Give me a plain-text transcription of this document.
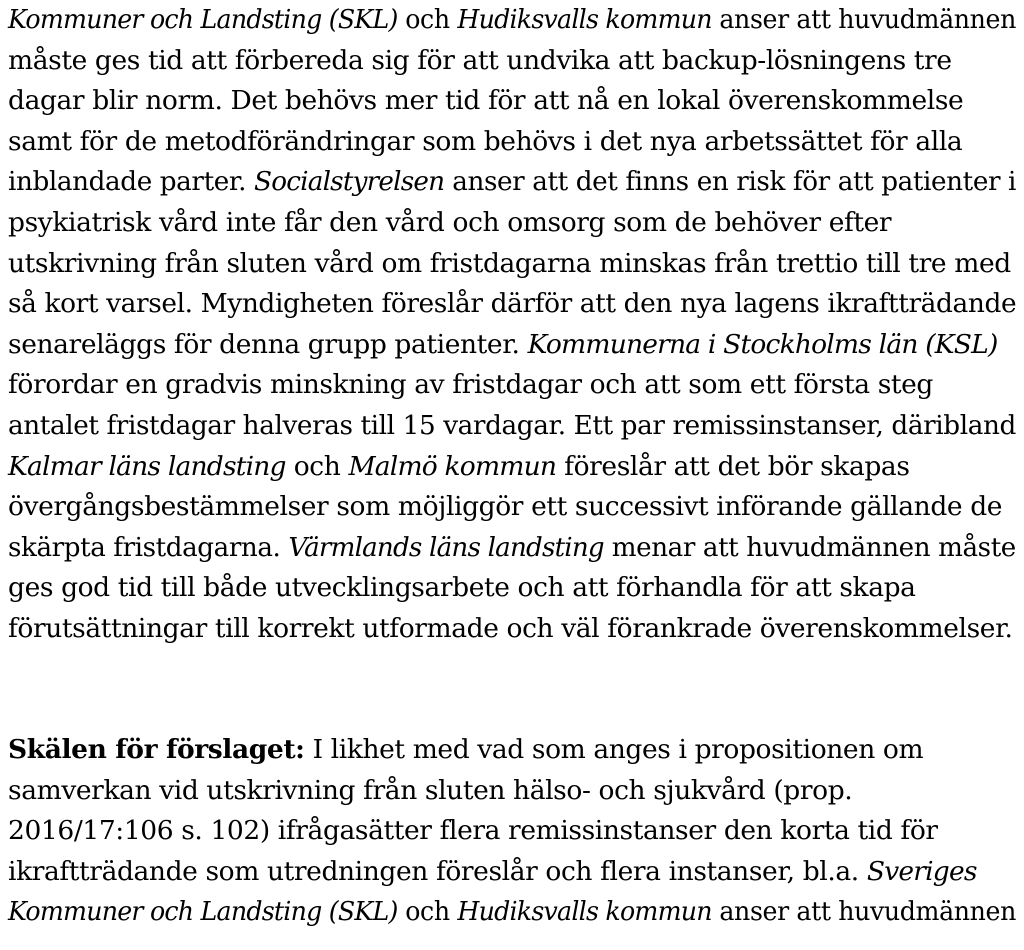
Kommuner och Landsting (SKL) och Hudiksvalls kommun anser att huvudmännen
måste ges tid att förbereda sig för att undvika att backup-lösningens tre
dagar blir norm. Det behövs mer tid för att nå en lokal överenskommelse
samt för de metodförändringar som behövs i det nya arbetssättet för alla
inblandade parter. Socialstyrelsen anser att det finns en risk för att patienter i
psykiatrisk vård inte får den vård och omsorg som de behöver efter
utskrivning från sluten vård om fristdagarna minskas från trettio till tre med
så kort varsel. Myndigheten föreslår därför att den nya lagens ikraftträdande
senareläggs för denna grupp patienter. Kommunerna i Stockholms län (KSL)
förordar en gradvis minskning av fristdagar och att som ett första steg
antalet fristdagar halveras till 15 vardagar. Ett par remissinstanser, däribland
Kalmar läns landsting och Malmö kommun föreslår att det bör skapas
övergångsbestämmelser som möjliggör ett successivt införande gällande de
skärpta fristdagarna. Värmlands läns landsting menar att huvudmännen måste
ges god tid till både utvecklingsarbete och att förhandla för att skapa
förutsättningar till korrekt utformade och väl förankrade överenskommelser.
Skälen för förslaget: I likhet med vad som anges i propositionen om
samverkan vid utskrivning från sluten hälso- och sjukvård (prop.
2016/17:106 s. 102) ifrågasätter flera remissinstanser den korta tid för
ikraftträdande som utredningen föreslår och flera instanser, bl.a. Sveriges
Kommuner och Landsting (SKL) och Hudiksvalls kommun anser att huvudmännen
